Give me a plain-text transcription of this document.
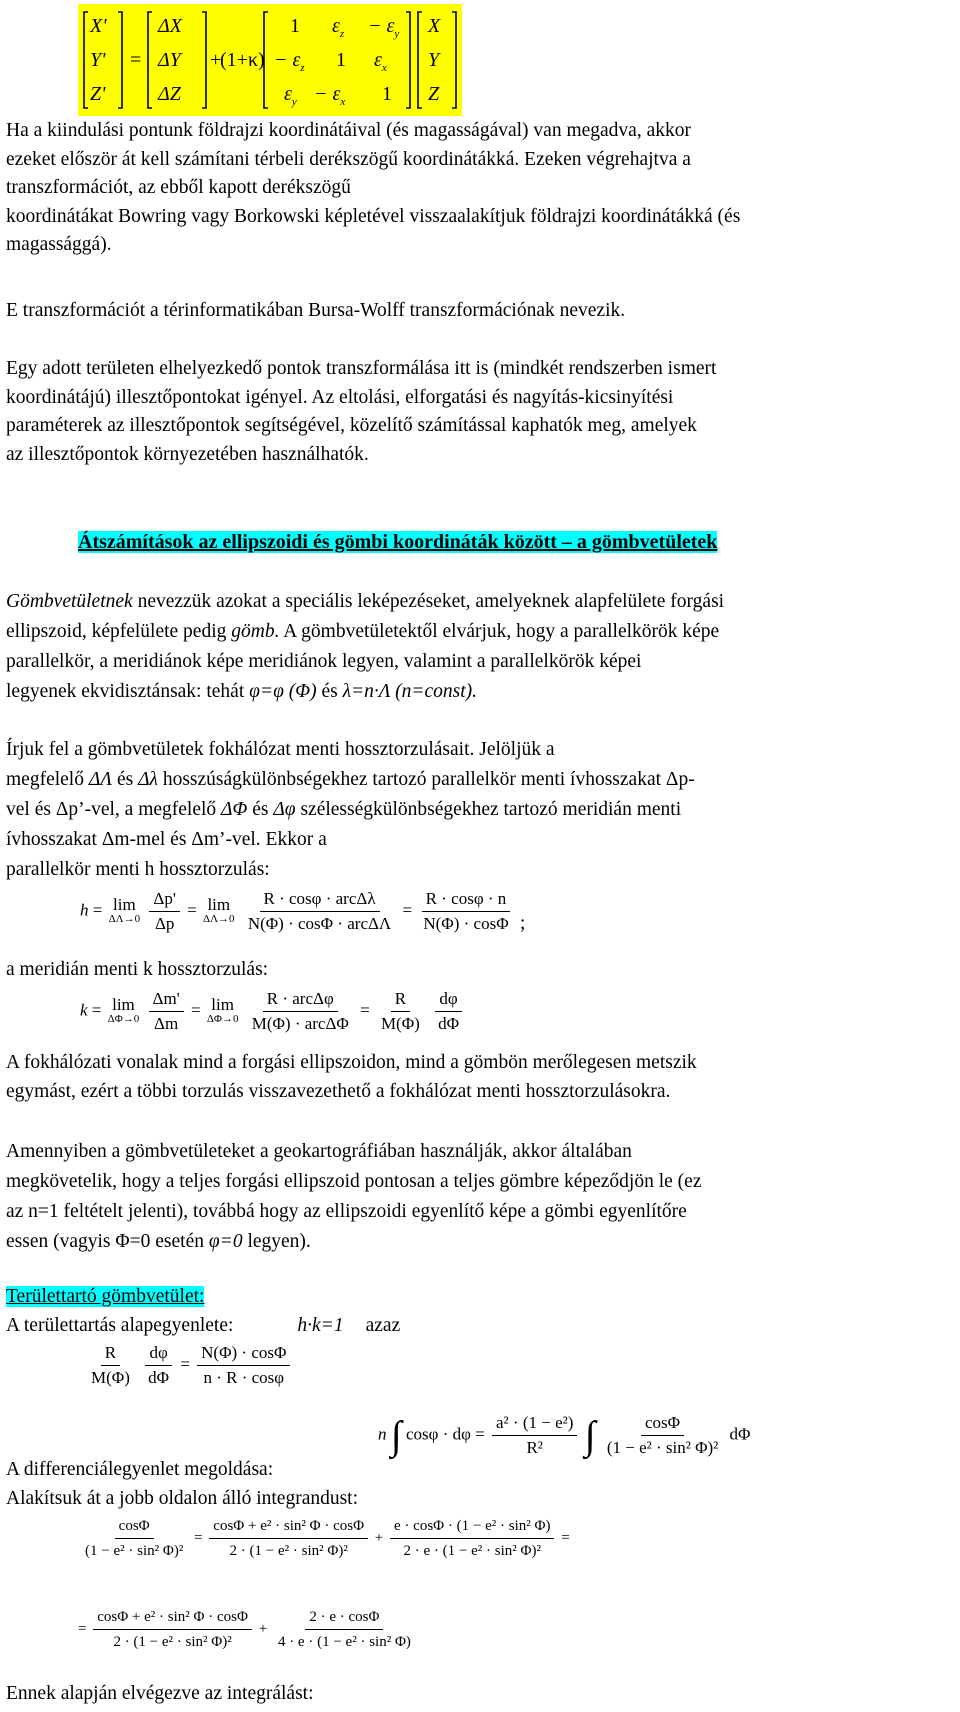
X'
Y'
Z'
=
ΔX
ΔY
ΔZ
+
(1+κ)
1 $\varepsilon_z - \varepsilon_y$
− $\varepsilon_z$ 1 $\varepsilon_x$
$\varepsilon_y - \varepsilon_x$ 1
X
Y
Z
Ha a kiindulási pontunk földrajzi koordinátáival (és magasságával) van megadva, akkor
ezeket először át kell számítani térbeli derékszögű koordinátákká. Ezeken végrehajtva a
transzformációt, az ebből kapott derékszögű
koordinátákat Bowring vagy Borkowski képletével visszaalakítjuk földrajzi koordinátákká (és
magassággá).
E transzformációt a térinformatikában Bursa-Wolff transzformációnak nevezik.
Egy adott területen elhelyezkedő pontok transzformálása itt is (mindkét rendszerben ismert
koordinátájú) illesztőpontokat igényel. Az eltolási, elforgatási és nagyítás-kicsinyítési
paraméterek az illesztőpontok segítségével, közelítő számítással kaphatók meg, amelyek
az illesztőpontok környezetében használhatók.
Átszámítások az ellipszoidi és gömbi koordináták között – a gömbvetületek
Gömbvetületnek nevezzük azokat a speciális leképezéseket, amelyeknek alapfelülete forgási
ellipszoid, képfelülete pedig gömb. A gömbvetületektől elvárjuk, hogy a parallelkörök képe
parallelkör, a meridiánok képe meridiánok legyen, valamint a parallelkörök képei
legyenek ekvidisztánsak: tehát φ=φ (Φ) és λ=n·Λ (n=const).
Írjuk fel a gömbvetületek fokhálózat menti hossztorzulásait. Jelöljük a
megfelelő ΔΛ és Δλ hosszúságkülönbségekhez tartozó parallelkör menti ívhosszakat Δp-
vel és Δp’-vel, a megfelelő ΔΦ és Δφ szélességkülönbségekhez tartozó meridián menti
ívhosszakat Δm-mel és Δm’-vel. Ekkor a
parallelkör menti h hossztorzulás:
h = lim
ΔΛ→0
$\frac{\Delta p'}{\Delta p} = \lim$
ΔΛ→0
$\frac{\text{R · cosφ · arcΔλ}}{\text{N(Φ) · cosΦ · arcΔΛ}} = \frac{R \cdot \cos\varphi \cdot n}{N(\Phi) \cdot \cos\Phi}$ ;
a meridián menti k hossztorzulás:
k = lim
ΔΦ→0
$\frac{\Delta m'}{\Delta m} = \lim$
ΔΦ→0
$\frac{\text{R · arcΔφ}}{\text{M(Φ) · arcΔΦ}} = \frac{R}{M(\Phi)}$
$\frac{d\varphi}{d\Phi}$
A fokhálózati vonalak mind a forgási ellipszoidon, mind a gömbön merőlegesen metszik
egymást, ezért a többi torzulás visszavezethető a fokhálózat menti hossztorzulásokra.
Amennyiben a gömbvetületeket a geokartográfiában használják, akkor általában
megkövetelik, hogy a teljes forgási ellipszoid pontosan a teljes gömbre képeződjön le (ez
az n=1 feltételt jelenti), továbbá hogy az ellipszoidi egyenlítő képe a gömbi egyenlítőre
essen (vagyis Φ=0 esetén φ=0 legyen).
Területtartó gömbvetület:
A területtartás alapegyenlete:	h·k=1 azaz
$\frac{R}{M(\Phi)}$
$\frac{d\varphi}{d\Phi} = \frac{N(\Phi) \cdot \cos\Phi}{n \cdot R \cdot \cos\varphi}$
n ∫ $\cos\varphi \cdot d\varphi = \frac{\text{a² · (1 − e²)}}{\text{R²}}$ ∫ $\frac{\cos\Phi}{\text{(1 − e² · sin² Φ)²}}$ dΦ
A differenciálegyenlet megoldása:
Alakítsuk át a jobb oldalon álló integrandust:
$\frac{\cos\Phi}{\text{(1 − e² · sin² Φ)²}} = \frac{\text{cosΦ + e² · sin² Φ · cosΦ}}{\text{2 · (1 − e² · sin² Φ)²}} + \frac{\text{e · cosΦ · (1 − e² · sin² Φ)}}{\text{2 · e · (1 − e² · sin² Φ)²}}$ =
= $\frac{\text{cosΦ + e² · sin² Φ · cosΦ}}{\text{2 · (1 − e² · sin² Φ)²}} + \frac{2 \cdot e \cdot \cos\Phi}{\text{4 · e · (1 − e² · sin² Φ)}}$
Ennek alapján elvégezve az integrálást:
